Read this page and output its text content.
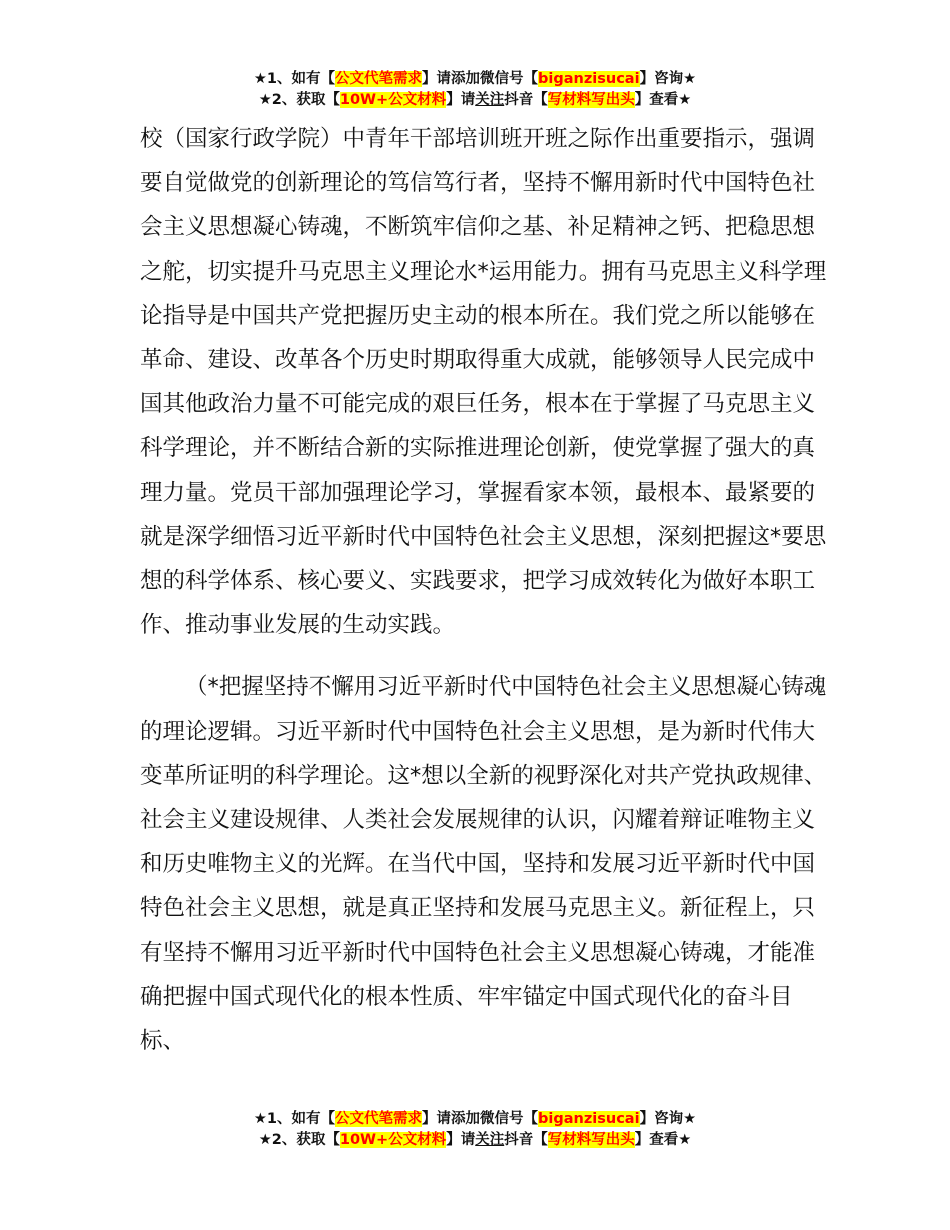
★1、如有【公文代笔需求】请添加微信号【biganzisucai】咨询★
★2、获取【10W+公文材料】请关注抖音【写材料写出头】查看★

校（国家行政学院）中青年干部培训班开班之际作出重要指示，强调要自觉做党的创新理论的笃信笃行者，坚持不懈用新时代中国特色社会主义思想凝心铸魂，不断筑牢信仰之基、补足精神之钙、把稳思想之舵，切实提升马克思主义理论水*运用能力。拥有马克思主义科学理论指导是中国共产党把握历史主动的根本所在。我们党之所以能够在革命、建设、改革各个历史时期取得重大成就，能够领导人民完成中国其他政治力量不可能完成的艰巨任务，根本在于掌握了马克思主义科学理论，并不断结合新的实际推进理论创新，使党掌握了强大的真理力量。党员干部加强理论学习，掌握看家本领，最根本、最紧要的就是深学细悟习近平新时代中国特色社会主义思想，深刻把握这*要思想的科学体系、核心要义、实践要求，把学习成效转化为做好本职工作、推动事业发展的生动实践。

（*把握坚持不懈用习近平新时代中国特色社会主义思想凝心铸魂的理论逻辑。习近平新时代中国特色社会主义思想，是为新时代伟大变革所证明的科学理论。这*想以全新的视野深化对共产党执政规律、社会主义建设规律、人类社会发展规律的认识，闪耀着辩证唯物主义和历史唯物主义的光辉。在当代中国，坚持和发展习近平新时代中国特色社会主义思想，就是真正坚持和发展马克思主义。新征程上，只有坚持不懈用习近平新时代中国特色社会主义思想凝心铸魂，才能准确把握中国式现代化的根本性质、牢牢锚定中国式现代化的奋斗目标、

★1、如有【公文代笔需求】请添加微信号【biganzisucai】咨询★
★2、获取【10W+公文材料】请关注抖音【写材料写出头】查看★
